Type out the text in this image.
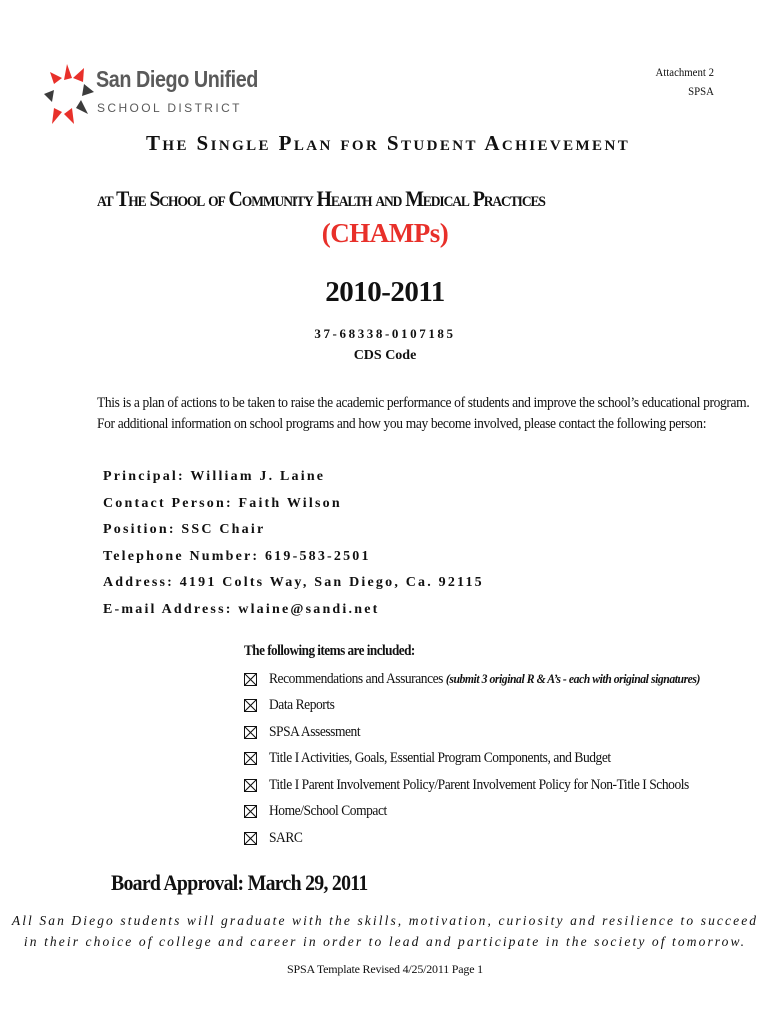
San Diego Unified
SCHOOL DISTRICT
Attachment 2
SPSA
The Single Plan for Student Achievement
at The School of Community Health and Medical Practices
(CHAMPs)
2010-2011
37-68338-0107185
CDS Code
This is a plan of actions to be taken to raise the academic performance of students and improve the school’s educational program.
For additional information on school programs and how you may become involved, please contact the following person:
Principal: William J. Laine
Contact Person: Faith Wilson
Position: SSC Chair
Telephone Number: 619-583-2501
Address: 4191 Colts Way, San Diego, Ca. 92115
E-mail Address: wlaine@sandi.net
The following items are included:
Recommendations and Assurances (submit 3 original R & A’s - each with original signatures)
Data Reports
SPSA Assessment
Title I Activities, Goals, Essential Program Components, and Budget
Title I Parent Involvement Policy/Parent Involvement Policy for Non-Title I Schools
Home/School Compact
SARC
Board Approval: March 29, 2011
All San Diego students will graduate with the skills, motivation, curiosity and resilience to succeed
in their choice of college and career in order to lead and participate in the society of tomorrow.
SPSA Template Revised 4/25/2011 Page 1
